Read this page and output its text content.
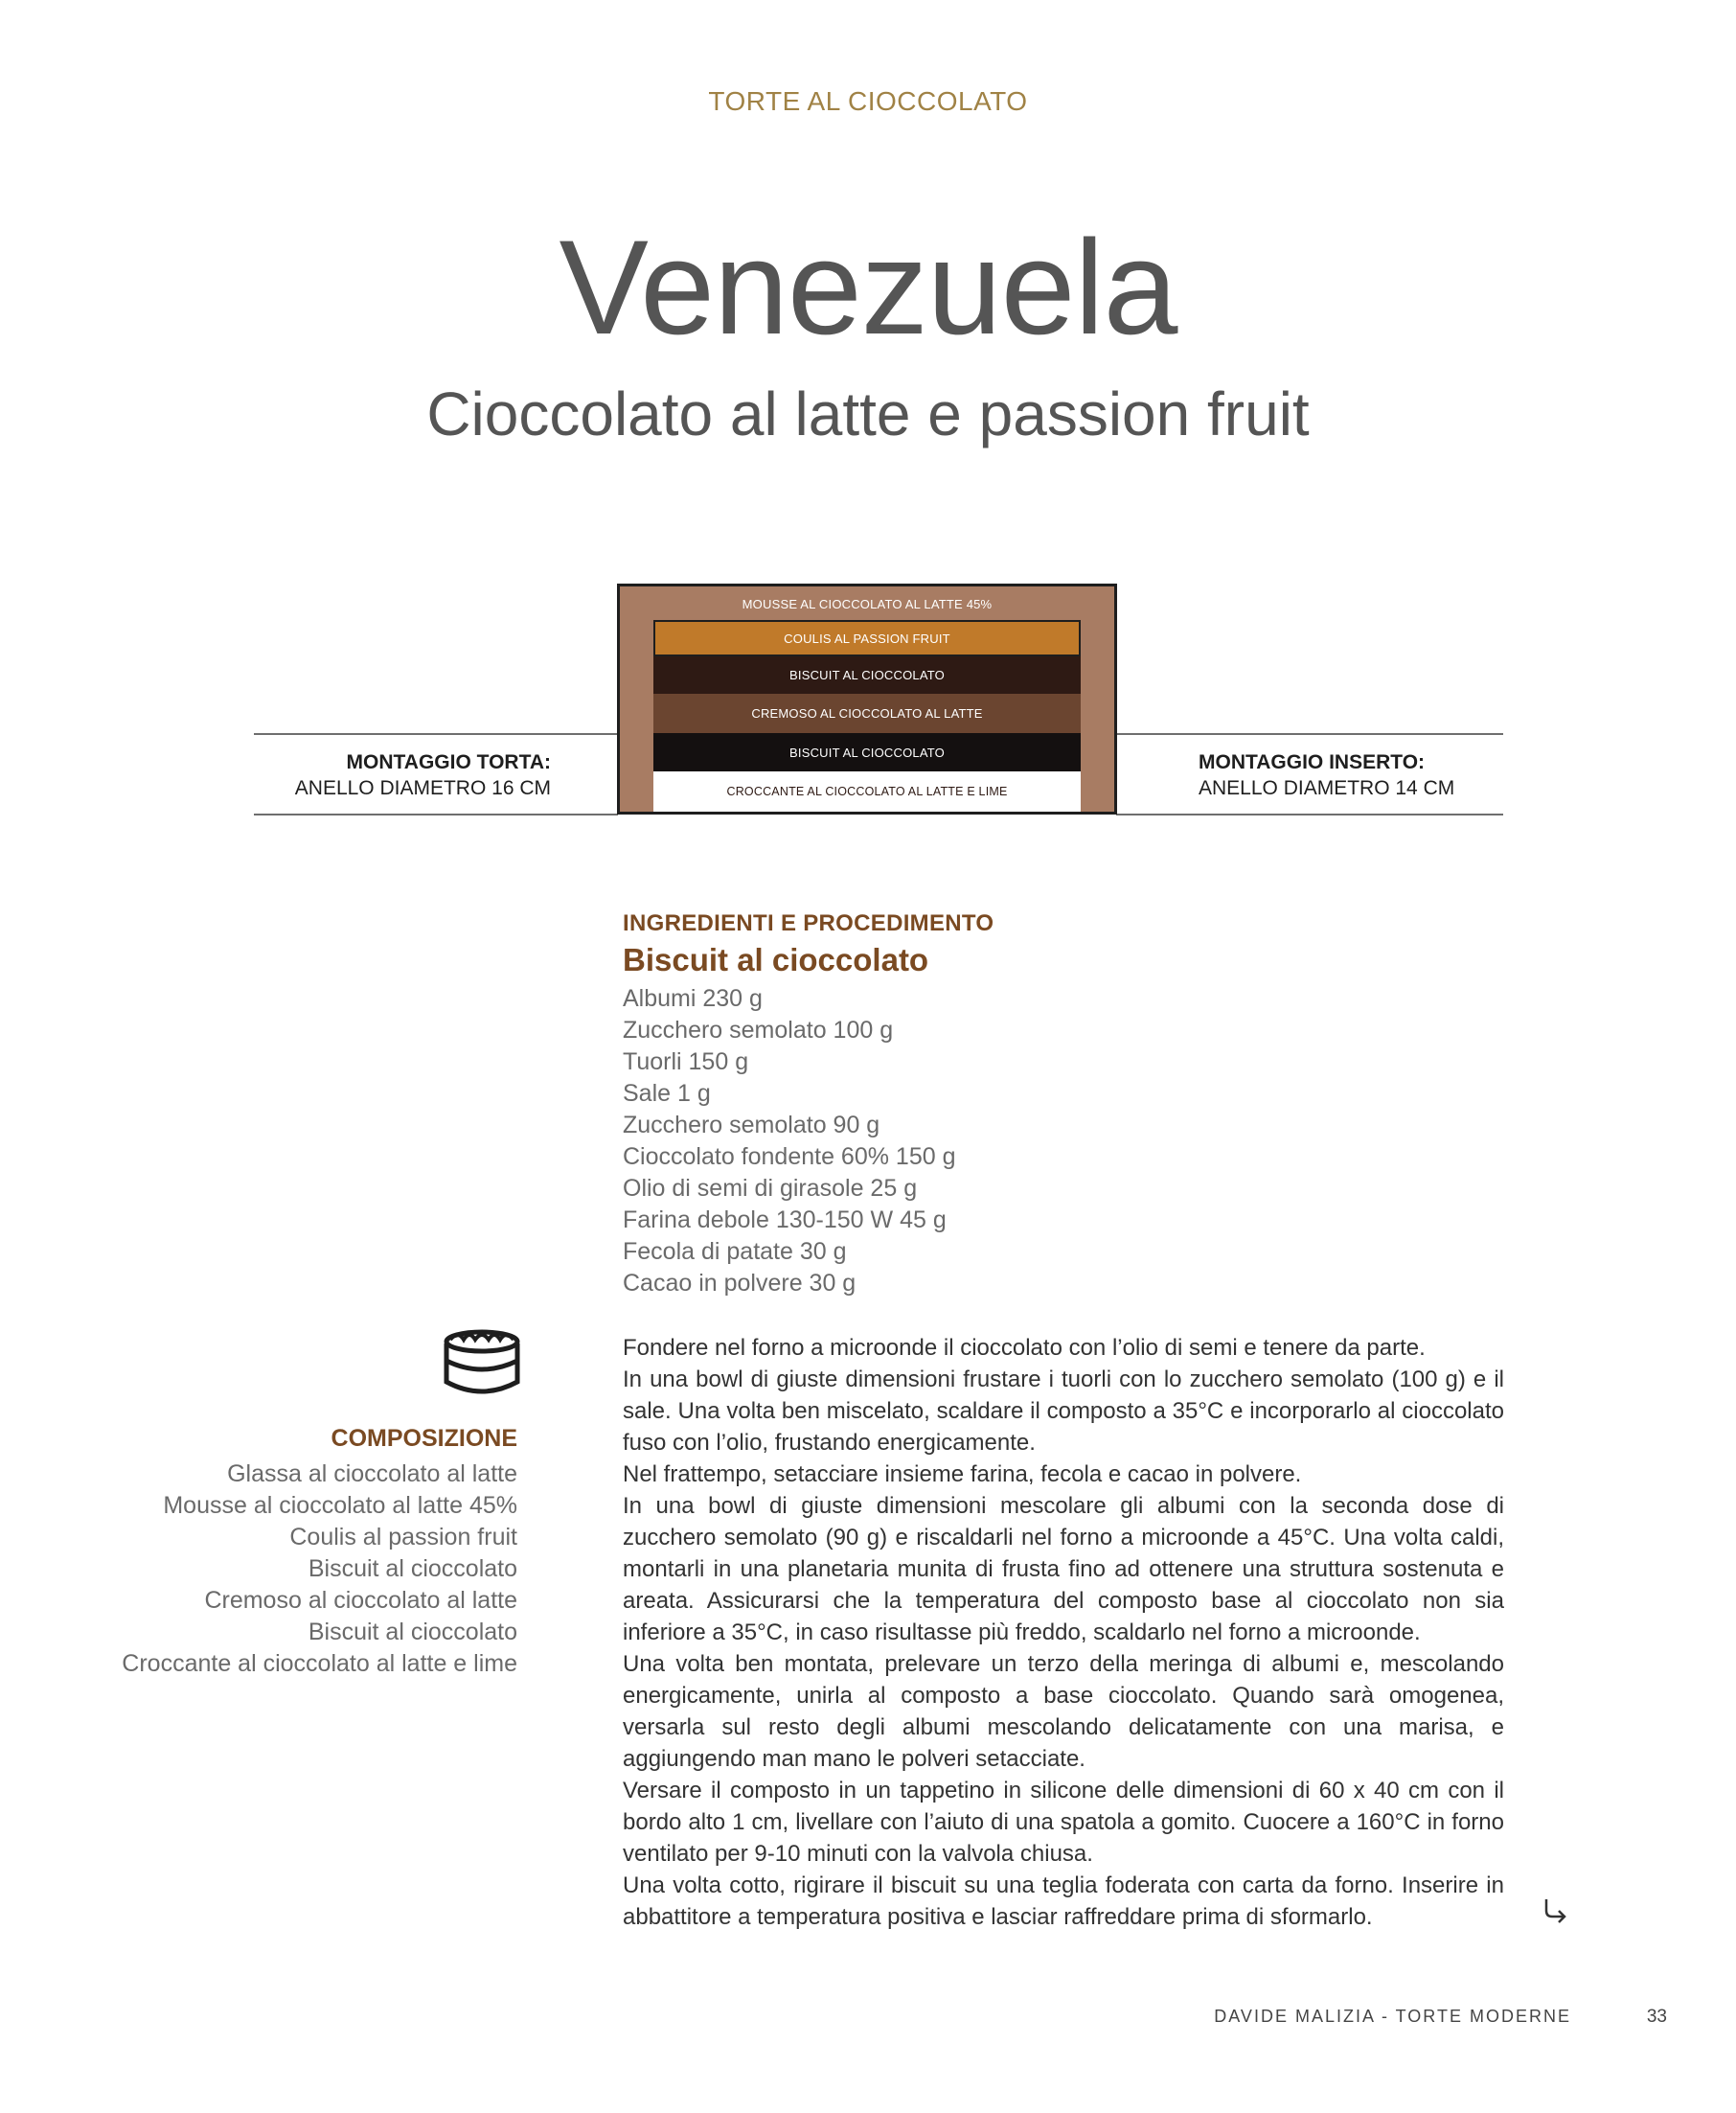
TORTE AL CIOCCOLATO
Venezuela
Cioccolato al latte e passion fruit
MOUSSE AL CIOCCOLATO AL LATTE 45%
COULIS AL PASSION FRUIT
BISCUIT AL CIOCCOLATO
CREMOSO AL CIOCCOLATO AL LATTE
BISCUIT AL CIOCCOLATO
CROCCANTE AL CIOCCOLATO AL LATTE E LIME
MONTAGGIO TORTA:
ANELLO DIAMETRO 16 CM
MONTAGGIO INSERTO:
ANELLO DIAMETRO 14 CM
INGREDIENTI E PROCEDIMENTO
Biscuit al cioccolato
Albumi 230 g
Zucchero semolato 100 g
Tuorli 150 g
Sale 1 g
Zucchero semolato 90 g
Cioccolato fondente 60% 150 g
Olio di semi di girasole 25 g
Farina debole 130-150 W 45 g
Fecola di patate 30 g
Cacao in polvere 30 g
COMPOSIZIONE
Glassa al cioccolato al latte
Mousse al cioccolato al latte 45%
Coulis al passion fruit
Biscuit al cioccolato
Cremoso al cioccolato al latte
Biscuit al cioccolato
Croccante al cioccolato al latte e lime

Fondere nel forno a microonde il cioccolato con l’olio di semi e tenere da parte.

In una bowl di giuste dimensioni frustare i tuorli con lo zucchero semolato (100 g) e il sale. Una volta ben miscelato, scaldare il composto a 35°C e incorporarlo al cioccolato fuso con l’olio, frustando energicamente.

Nel frattempo, setacciare insieme farina, fecola e cacao in polvere.

In una bowl di giuste dimensioni mescolare gli albumi con la seconda dose di zucchero semolato (90 g) e riscaldarli nel forno a microonde a 45°C. Una volta caldi, montarli in una planetaria munita di frusta fino ad ottenere una struttura sostenuta e areata. Assicurarsi che la temperatura del composto base al cioccolato non sia inferiore a 35°C, in caso risultasse più freddo, scaldarlo nel forno a microonde.

Una volta ben montata, prelevare un terzo della meringa di albumi e, mescolando energicamente, unirla al composto a base cioccolato. Quando sarà omogenea, versarla sul resto degli albumi mescolando delicatamente con una marisa, e aggiungendo man mano le polveri setacciate.

Versare il composto in un tappetino in silicone delle dimensioni di 60 x 40 cm con il bordo alto 1 cm, livellare con l’aiuto di una spatola a gomito. Cuocere a 160°C in forno ventilato per 9-10 minuti con la valvola chiusa.

Una volta cotto, rigirare il biscuit su una teglia foderata con carta da forno. Inserire in abbattitore a temperatura positiva e lasciar raffreddare prima di sformarlo.

DAVIDE MALIZIA - TORTE MODERNE	33
